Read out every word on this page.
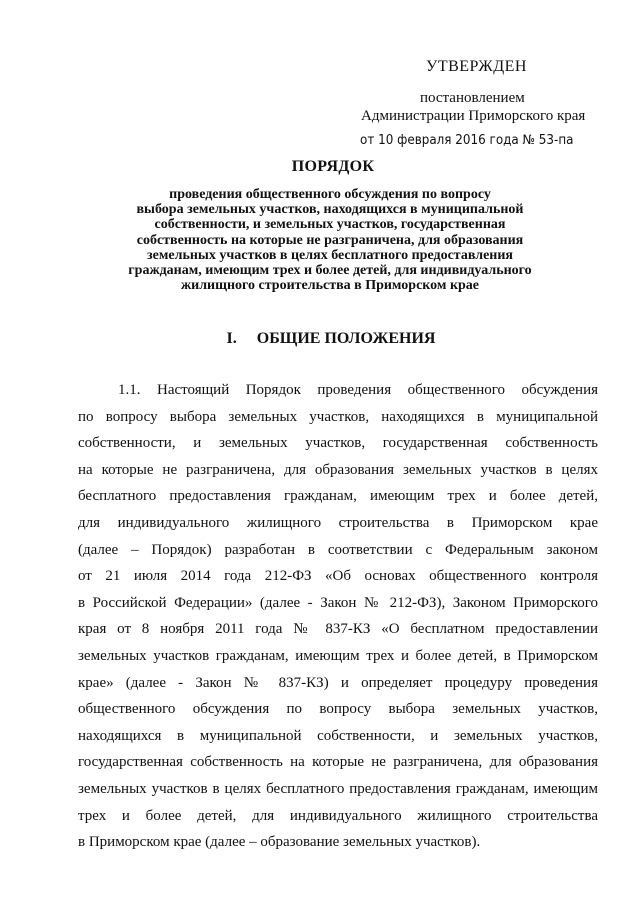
УТВЕРЖДЕН
постановлением
Администрации Приморского края
от 10 февраля 2016 года № 53-па
ПОРЯДОК
проведения общественного обсуждения по вопросу
выбора земельных участков, находящихся в муниципальной
собственности, и земельных участков, государственная
собственность на которые не разграничена, для образования
земельных участков в целях бесплатного предоставления
гражданам, имеющим трех и более детей, для индивидуального
жилищного строительства в Приморском крае
I. ОБЩИЕ ПОЛОЖЕНИЯ
1.1. Настоящий Порядок проведения общественного обсуждения
по вопросу выбора земельных участков, находящихся в муниципальной
собственности, и земельных участков, государственная собственность
на которые не разграничена, для образования земельных участков в целях
бесплатного предоставления гражданам, имеющим трех и более детей,
для индивидуального жилищного строительства в Приморском крае
(далее – Порядок) разработан в соответствии с Федеральным законом
от 21 июля 2014 года 212-ФЗ «Об основах общественного контроля
в Российской Федерации» (далее - Закон № 212-ФЗ), Законом Приморского
края от 8 ноября 2011 года № 837-КЗ «О бесплатном предоставлении
земельных участков гражданам, имеющим трех и более детей, в Приморском
крае» (далее - Закон № 837-КЗ) и определяет процедуру проведения
общественного обсуждения по вопросу выбора земельных участков,
находящихся в муниципальной собственности, и земельных участков,
государственная собственность на которые не разграничена, для образования
земельных участков в целях бесплатного предоставления гражданам, имеющим
трех и более детей, для индивидуального жилищного строительства
в Приморском крае (далее – образование земельных участков).
